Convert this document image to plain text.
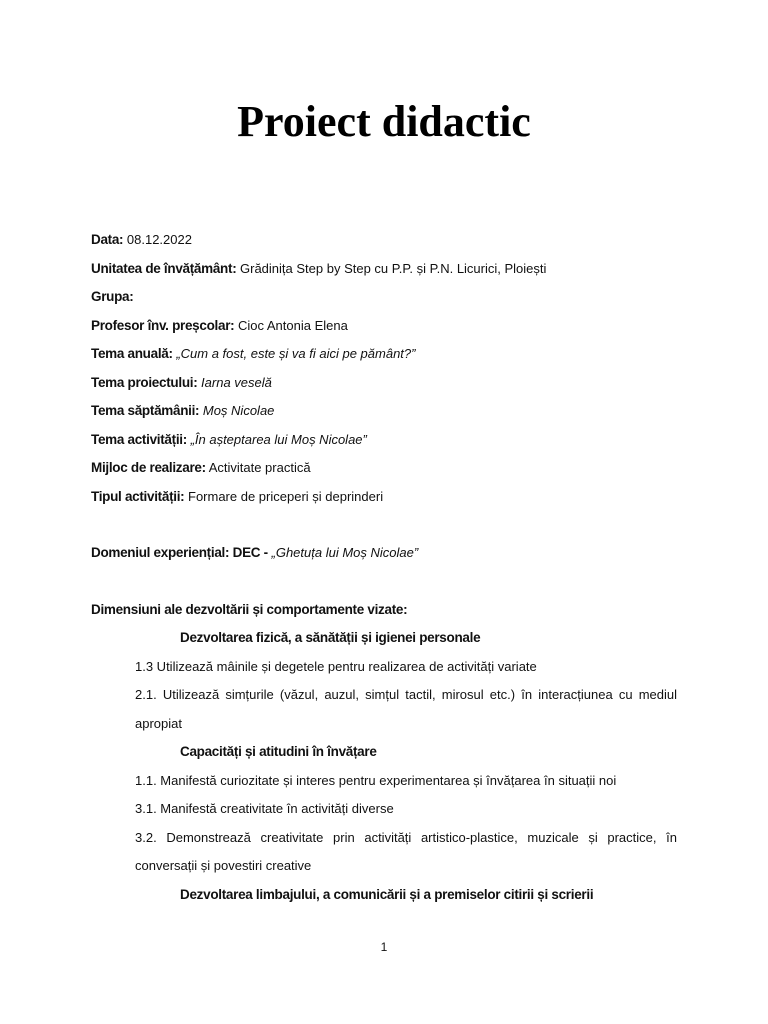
Proiect didactic
Data: 08.12.2022
Unitatea de învățământ: Grădinița Step by Step cu P.P. și P.N. Licurici, Ploiești
Grupa:
Profesor înv. preșcolar: Cioc Antonia Elena
Tema anuală: „Cum a fost, este și va fi aici pe pământ?”
Tema proiectului: Iarna veselă
Tema săptămânii: Moș Nicolae
Tema activității: „În așteptarea lui Moș Nicolae”
Mijloc de realizare: Activitate practică
Tipul activității: Formare de priceperi și deprinderi
Domeniul experiențial: DEC - „Ghetuța lui Moș Nicolae”
Dimensiuni ale dezvoltării și comportamente vizate:
Dezvoltarea fizică, a sănătății și igienei personale
1.3 Utilizează mâinile și degetele pentru realizarea de activități variate
2.1. Utilizează simțurile (văzul, auzul, simțul tactil, mirosul etc.) în interacțiunea cu mediul apropiat
Capacități și atitudini în învățare
1.1. Manifestă curiozitate și interes pentru experimentarea și învățarea în situații noi
3.1. Manifestă creativitate în activități diverse
3.2. Demonstrează creativitate prin activități artistico-plastice, muzicale și practice, în conversații și povestiri creative
Dezvoltarea limbajului, a comunicării și a premiselor citirii și scrierii
1
